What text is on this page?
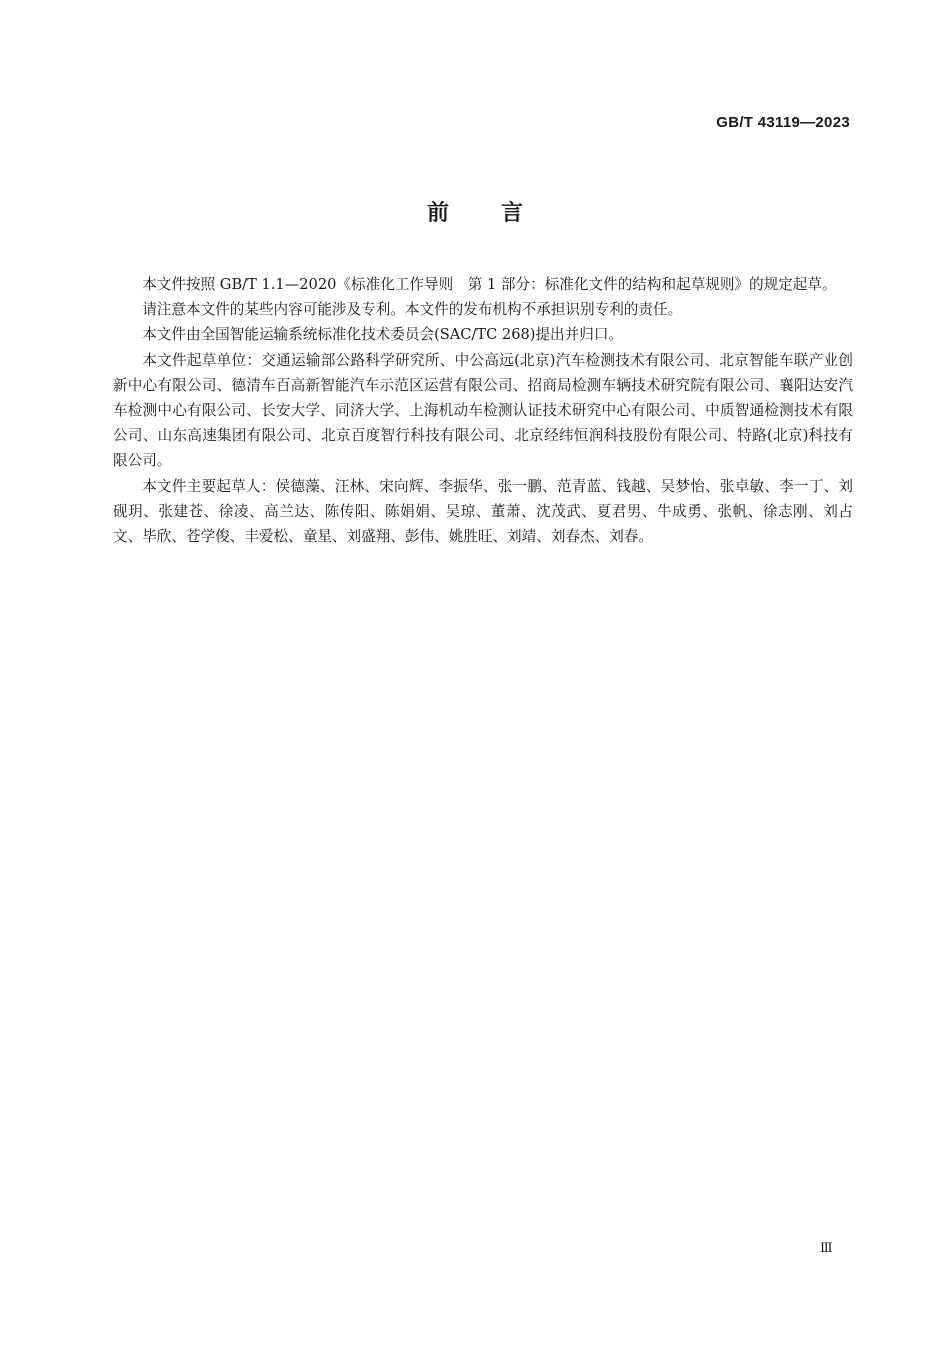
GB/T 43119—2023
前言

本文件按照 GB/T 1.1—2020《标准化工作导则　第 1 部分：标准化文件的结构和起草规则》的规定起草。

请注意本文件的某些内容可能涉及专利。本文件的发布机构不承担识别专利的责任。

本文件由全国智能运输系统标准化技术委员会(SAC/TC 268)提出并归口。

本文件起草单位：交通运输部公路科学研究所、中公高远(北京)汽车检测技术有限公司、北京智能车联产业创新中心有限公司、德清车百高新智能汽车示范区运营有限公司、招商局检测车辆技术研究院有限公司、襄阳达安汽车检测中心有限公司、长安大学、同济大学、上海机动车检测认证技术研究中心有限公司、中质智通检测技术有限公司、山东高速集团有限公司、北京百度智行科技有限公司、北京经纬恒润科技股份有限公司、特路(北京)科技有限公司。

本文件主要起草人：侯德藻、汪林、宋向辉、李振华、张一鹏、范青蓝、钱越、吴梦怡、张卓敏、李一丁、刘砚玥、张建苍、徐凌、高兰达、陈传阳、陈娟娟、吴琼、董萧、沈茂武、夏君男、牛成勇、张帆、徐志刚、刘占文、毕欣、苍学俊、丰爱松、童星、刘盛翔、彭伟、姚胜旺、刘靖、刘春杰、刘春。

Ⅲ
